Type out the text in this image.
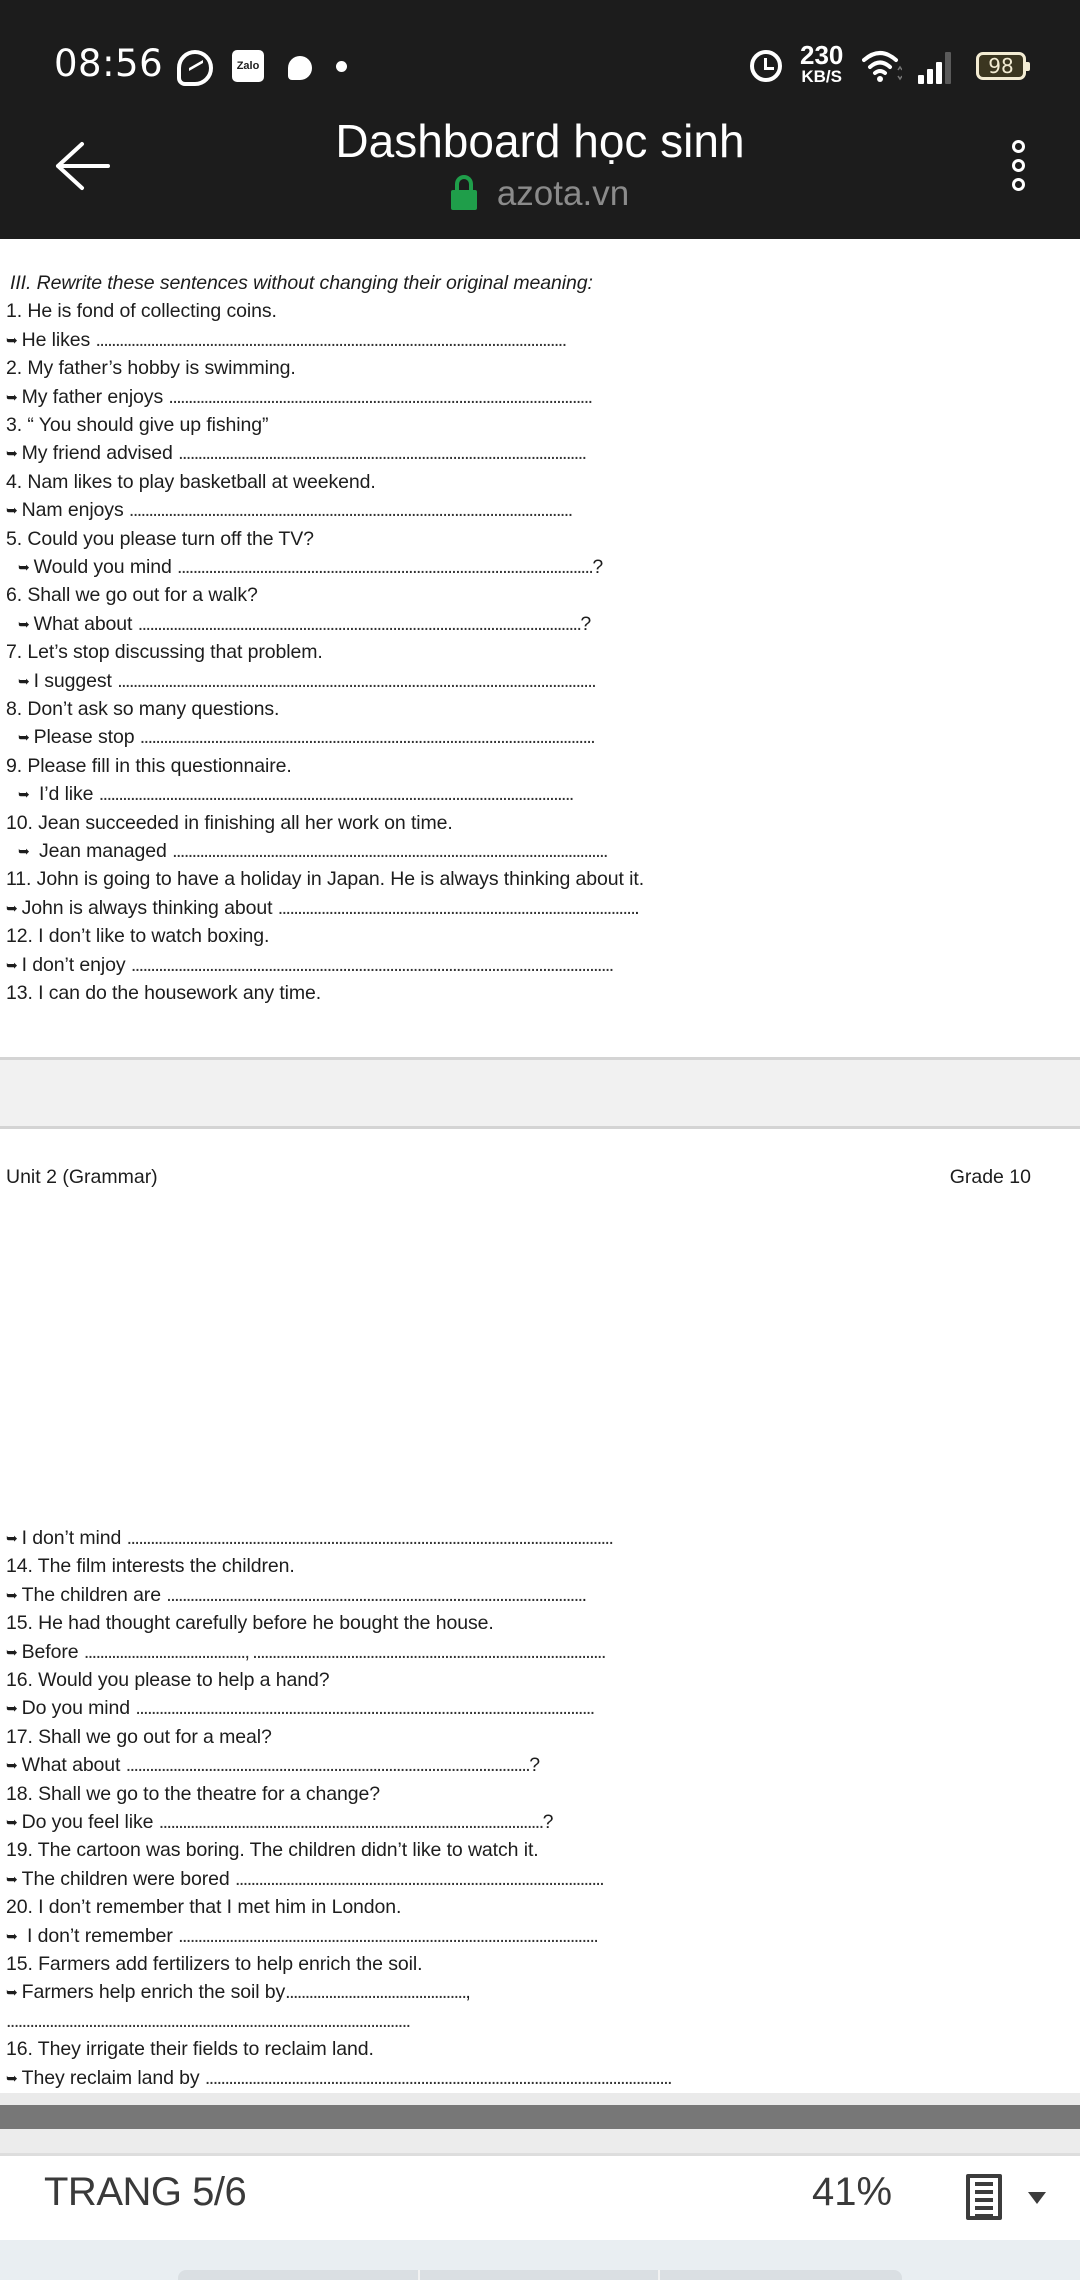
08:56	Zalo	230
KB/S	98
Dashboard học sinh
azota.vn
III. Rewrite these sentences without changing their original meaning:
1. He is fond of collecting coins.
➥ He likes ........................................................................................................................
2. My father’s hobby is swimming.
➥ My father enjoys ............................................................................................................
3. “ You should give up fishing”
➥ My friend advised ........................................................................................................
4. Nam likes to play basketball at weekend.
➥ Nam enjoys .................................................................................................................
5. Could you please turn off the TV?
➥ Would you mind ..........................................................................................................?
6. Shall we go out for a walk?
➥ What about .................................................................................................................?
7. Let’s stop discussing that problem.
➥ I suggest ..........................................................................................................................
8. Don’t ask so many questions.
➥ Please stop ....................................................................................................................
9. Please fill in this questionnaire.
➥ I’d like .........................................................................................................................
10. Jean succeeded in finishing all her work on time.
➥ Jean managed ...............................................................................................................
11. John is going to have a holiday in Japan. He is always thinking about it.
➥ John is always thinking about ............................................................................................
12. I don’t like to watch boxing.
➥ I don’t enjoy ...........................................................................................................................
13. I can do the housework any time.
Unit 2 (Grammar)	Grade 10
➥ I don’t mind ............................................................................................................................
14. The film interests the children.
➥ The children are ...........................................................................................................
15. He had thought carefully before he bought the house.
➥ Before ........................................., ..........................................................................................
16. Would you please to help a hand?
➥ Do you mind .....................................................................................................................
17. Shall we go out for a meal?
➥ What about .......................................................................................................?
18. Shall we go to the theatre for a change?
➥ Do you feel like ..................................................................................................?
19. The cartoon was boring. The children didn’t like to watch it.
➥ The children were bored ..............................................................................................
20. I don’t remember that I met him in London.
➥ I don’t remember ...........................................................................................................
15. Farmers add fertilizers to help enrich the soil.
➥ Farmers help enrich the soil by..............................................,
.......................................................................................................
16. They irrigate their fields to reclaim land.
➥ They reclaim land by .......................................................................................................................
TRANG 5/6	41%
